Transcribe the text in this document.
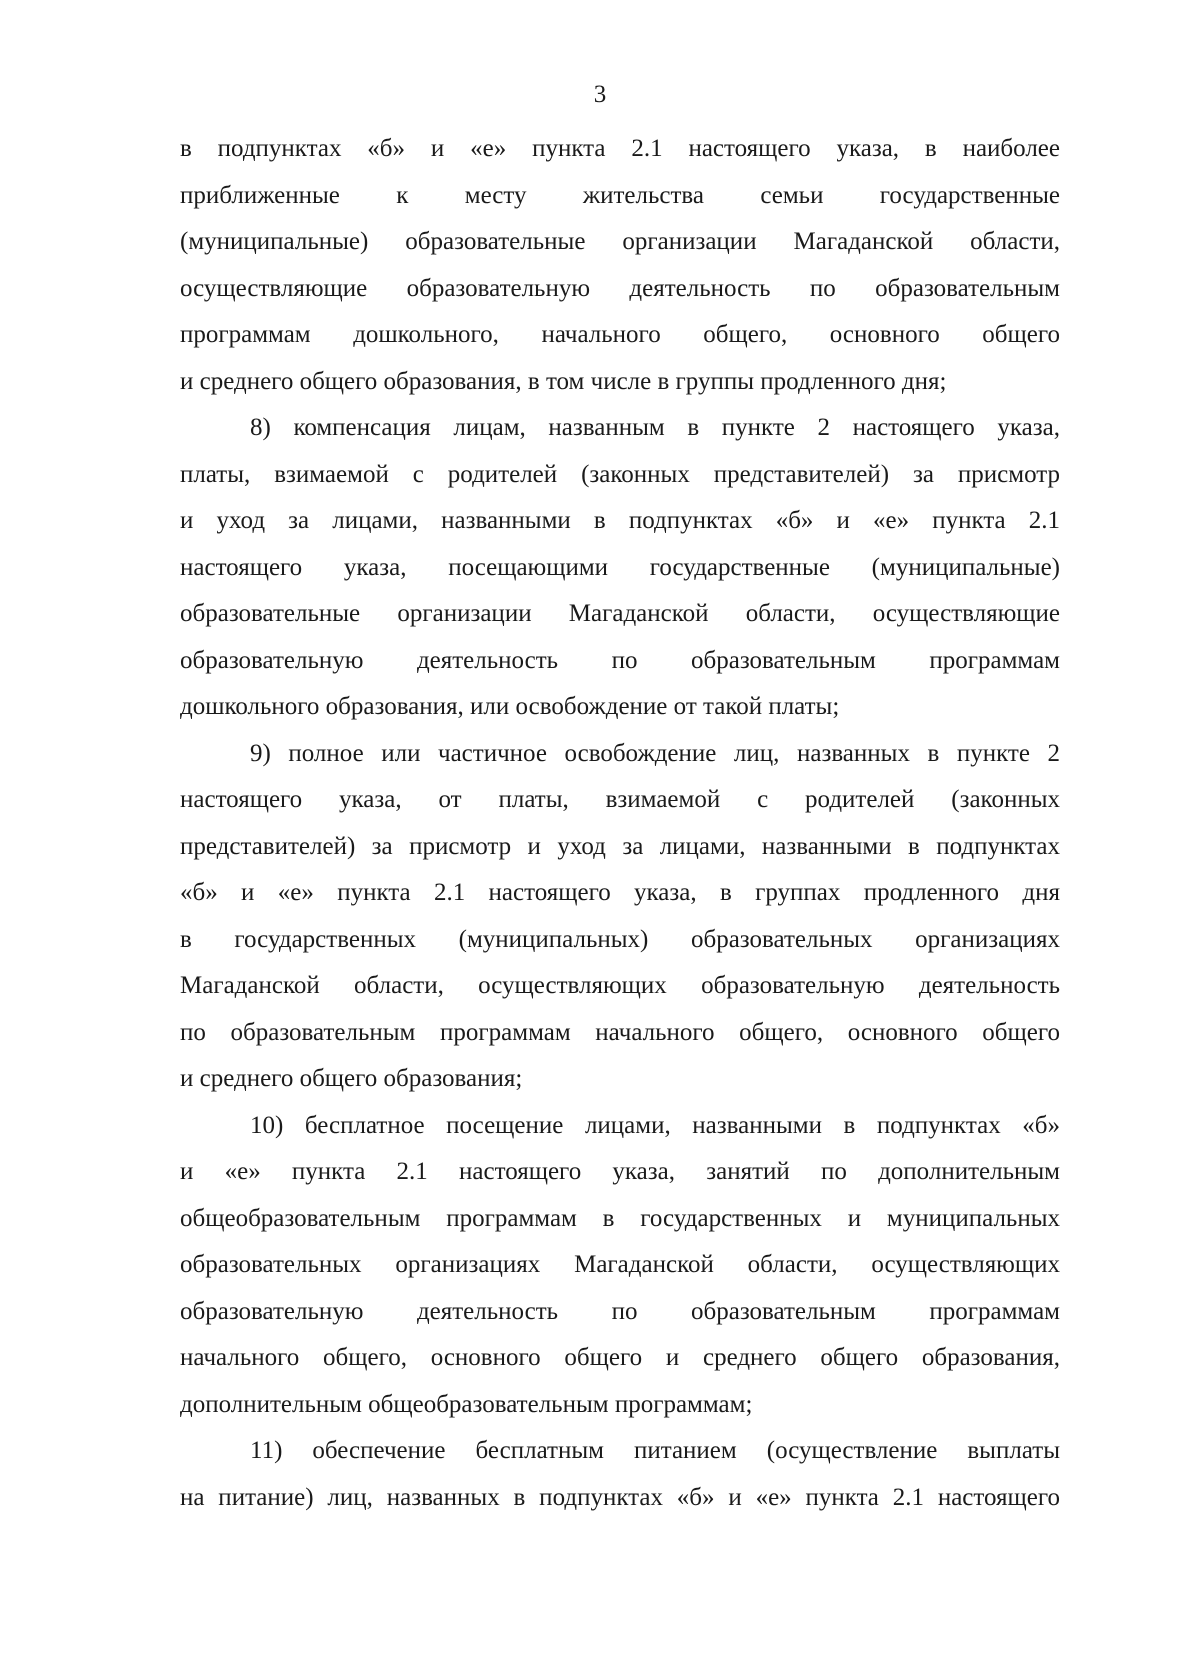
3

в подпунктах «б» и «е» пункта 2.1 настоящего указа, в наиболее
приближенные к месту жительства семьи государственные
(муниципальные) образовательные организации Магаданской области,
осуществляющие образовательную деятельность по образовательным
программам дошкольного, начального общего, основного общего
и среднего общего образования, в том числе в группы продленного дня;

8) компенсация лицам, названным в пункте 2 настоящего указа,
платы, взимаемой с родителей (законных представителей) за присмотр
и уход за лицами, названными в подпунктах «б» и «е» пункта 2.1
настоящего указа, посещающими государственные (муниципальные)
образовательные организации Магаданской области, осуществляющие
образовательную деятельность по образовательным программам
дошкольного образования, или освобождение от такой платы;

9) полное или частичное освобождение лиц, названных в пункте 2
настоящего указа, от платы, взимаемой с родителей (законных
представителей) за присмотр и уход за лицами, названными в подпунктах
«б» и «е» пункта 2.1 настоящего указа, в группах продленного дня
в государственных (муниципальных) образовательных организациях
Магаданской области, осуществляющих образовательную деятельность
по образовательным программам начального общего, основного общего
и среднего общего образования;

10) бесплатное посещение лицами, названными в подпунктах «б»
и «е» пункта 2.1 настоящего указа, занятий по дополнительным
общеобразовательным программам в государственных и муниципальных
образовательных организациях Магаданской области, осуществляющих
образовательную деятельность по образовательным программам
начального общего, основного общего и среднего общего образования,
дополнительным общеобразовательным программам;

11) обеспечение бесплатным питанием (осуществление выплаты
на питание) лиц, названных в подпунктах «б» и «е» пункта 2.1 настоящего
